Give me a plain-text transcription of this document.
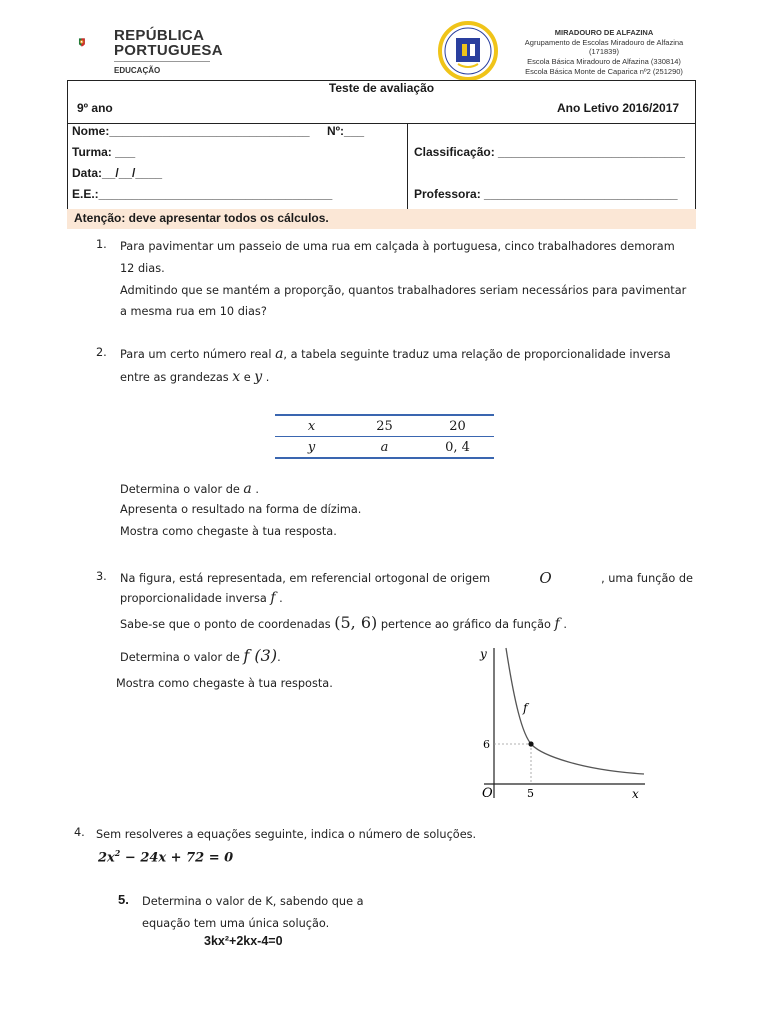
REPÚBLICA
PORTUGUESA
EDUCAÇÃO
MIRADOURO DE ALFAZINA
Agrupamento de Escolas Miradouro de Alfazina
(171839)
Escola Básica Miradouro de Alfazina (330814)
Escola Básica Monte de Caparica nº2 (251290)
Teste de avaliação
9º ano	Ano Letivo 2016/2017
Nome:______________________________ Nº:___
Turma: ___
Data:__/__/____
E.E.:___________________________________
Classificação: ____________________________
Professora: _____________________________
Atenção: deve apresentar todos os cálculos.
1. Para pavimentar um passeio de uma rua em calçada à portuguesa, cinco trabalhadores demoram
12 dias.
Admitindo que se mantém a proporção, quantos trabalhadores seriam necessários para pavimentar
a mesma rua em 10 dias?
2. Para um certo número real a, a tabela seguinte traduz uma relação de proporcionalidade inversa
entre as grandezas x e y .
x	25	20
y	a	0, 4
Determina o valor de a .
Apresenta o resultado na forma de dízima.
Mostra como chegaste à tua resposta.
3. Na figura, está representada, em referencial ortogonal de origem	O	, uma função de
proporcionalidade inversa f .
Sabe-se que o ponto de coordenadas (5, 6) pertence ao gráfico da função f .
Determina o valor de f (3).
Mostra como chegaste à tua resposta.
y
x
O
f
6
5
4. Sem resolveres a equações seguinte, indica o número de soluções.
$2x^2 - 24x + 72 = 0$
5. Determina o valor de K, sabendo que a
equação tem uma única solução.
3kx²+2kx-4=0
